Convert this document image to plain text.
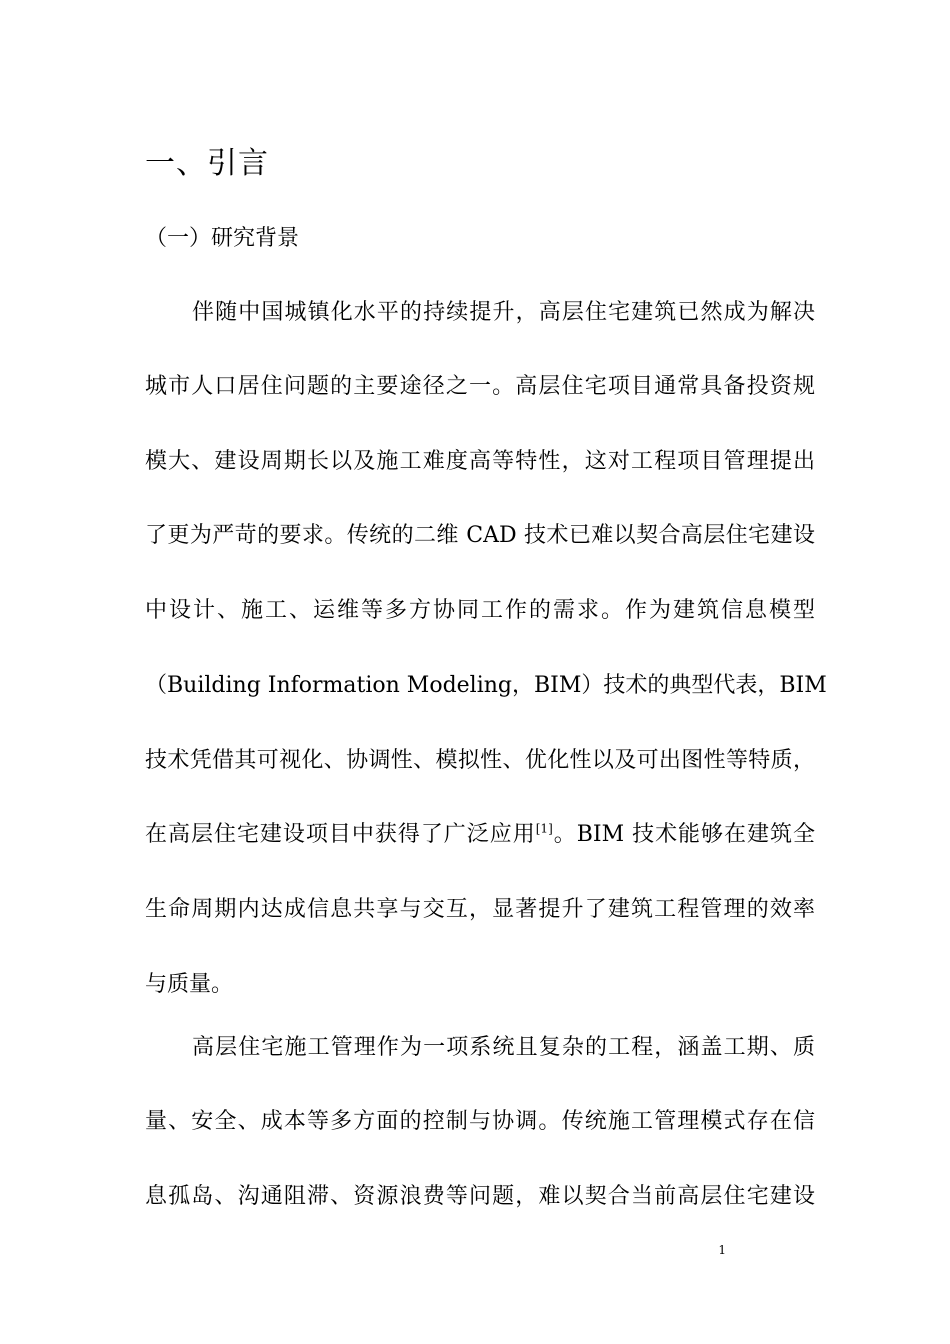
一、引言
（一）研究背景
伴随中国城镇化水平的持续提升，高层住宅建筑已然成为解决
城市人口居住问题的主要途径之一。高层住宅项目通常具备投资规
模大、建设周期长以及施工难度高等特性，这对工程项目管理提出
了更为严苛的要求。传统的二维 CAD 技术已难以契合高层住宅建设
中设计、施工、运维等多方协同工作的需求。作为建筑信息模型
（Building Information Modeling，BIM）技术的典型代表，BIM
技术凭借其可视化、协调性、模拟性、优化性以及可出图性等特质，
在高层住宅建设项目中获得了广泛应用[1]。BIM 技术能够在建筑全
生命周期内达成信息共享与交互，显著提升了建筑工程管理的效率
与质量。
高层住宅施工管理作为一项系统且复杂的工程，涵盖工期、质
量、安全、成本等多方面的控制与协调。传统施工管理模式存在信
息孤岛、沟通阻滞、资源浪费等问题，难以契合当前高层住宅建设
1
